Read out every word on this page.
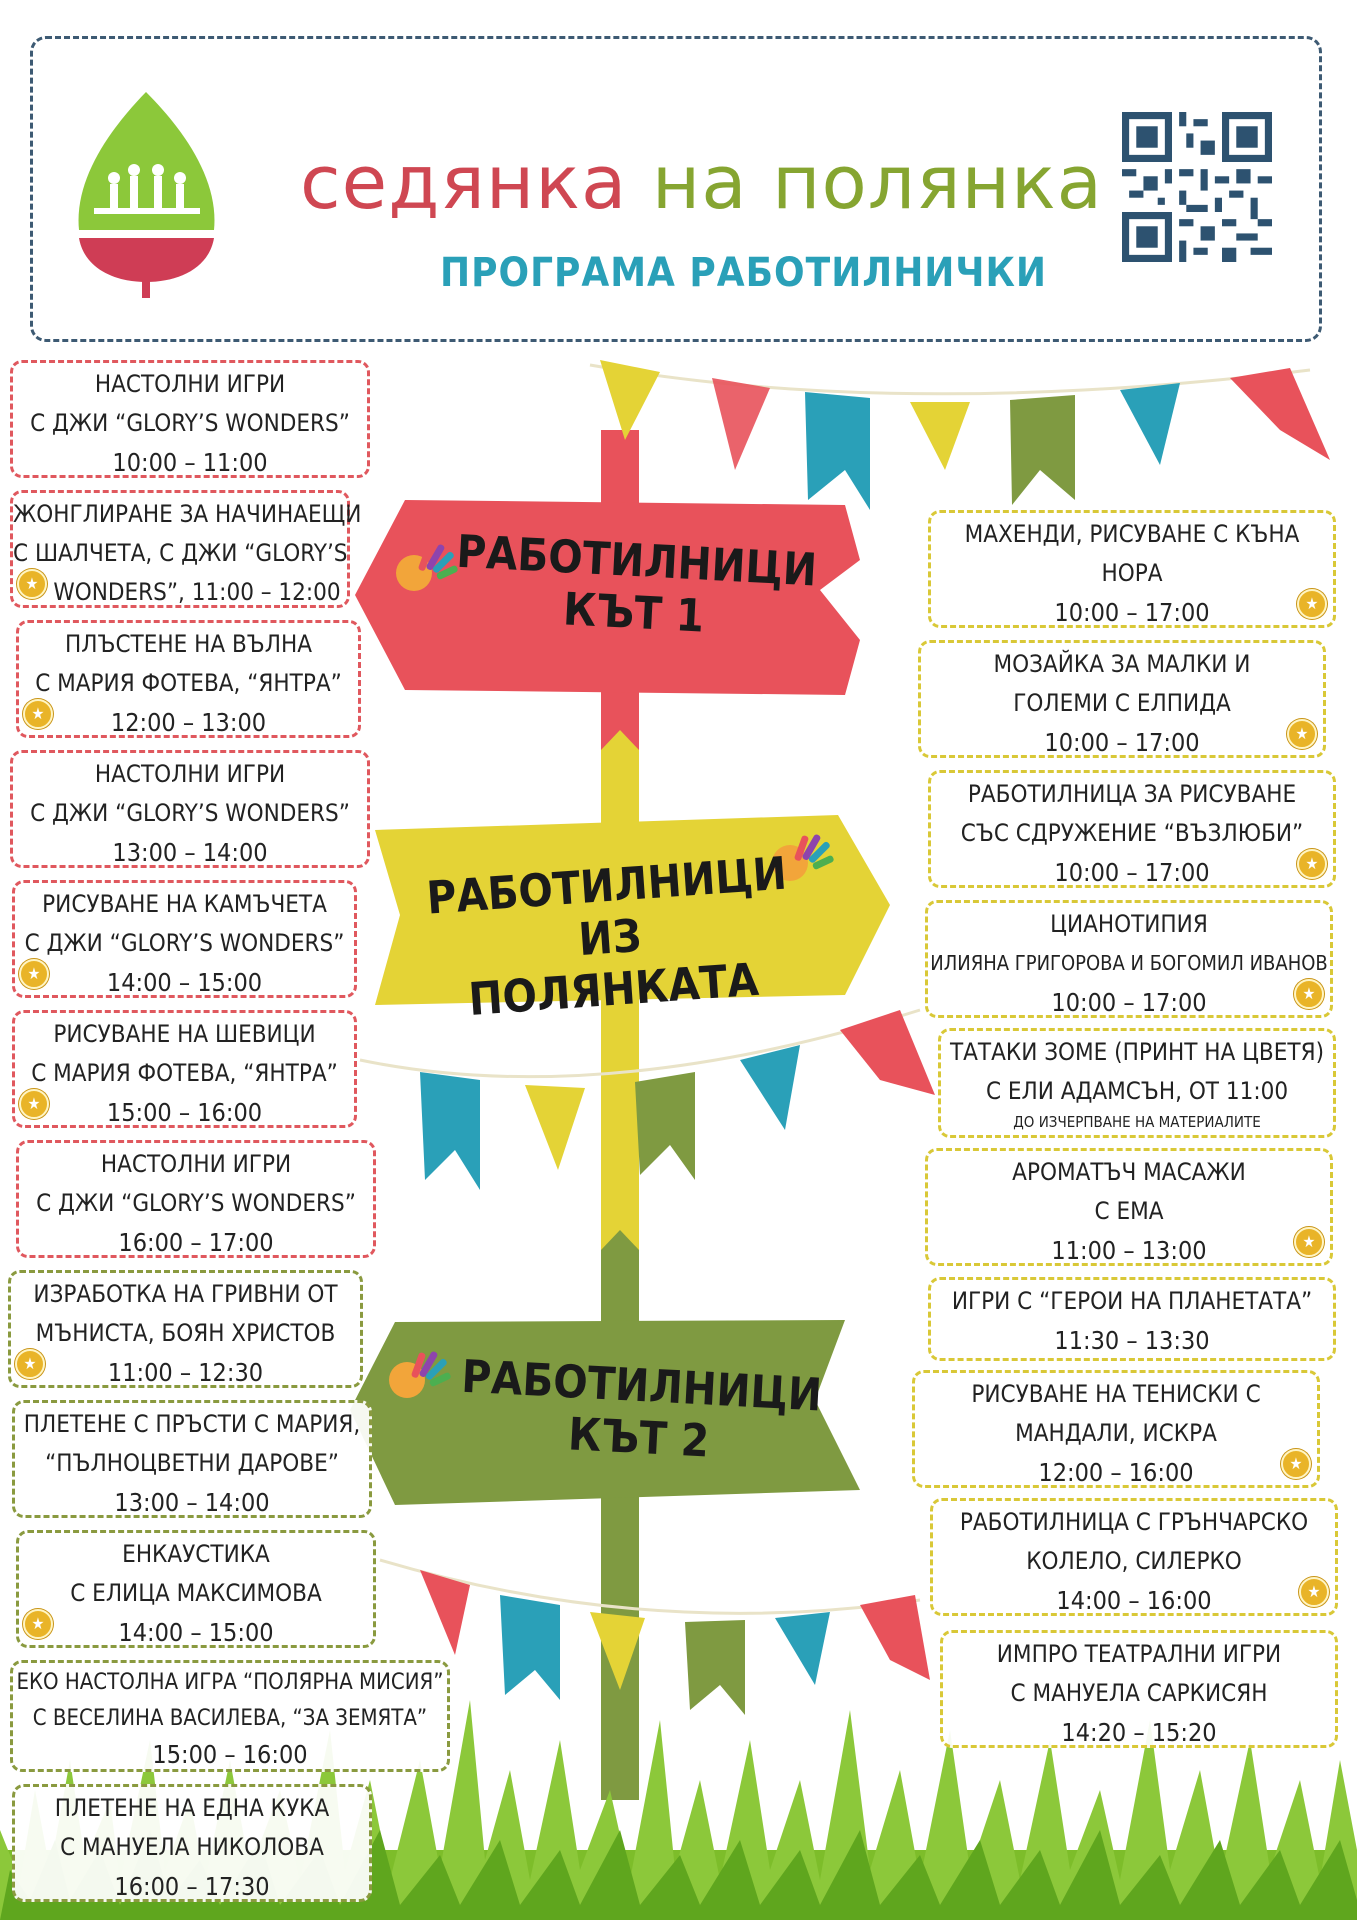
седянка на полянка
ПРОГРАМА РАБОТИЛНИЧКИ
РАБОТИЛНИЦИ
КЪТ 1
РАБОТИЛНИЦИ
ИЗ ПОЛЯНКАТА
РАБОТИЛНИЦИ
КЪТ 2
НАСТОЛНИ ИГРИ
С ДЖИ “GLORY’S WONDERS”
10:00 – 11:00
ЖОНГЛИРАНЕ ЗА НАЧИНАЕЩИ
С ШАЛЧЕТА, С ДЖИ “GLORY’S
WONDERS”, 11:00 – 12:00
★
ПЛЪСТЕНЕ НА ВЪЛНА
С МАРИЯ ФОТЕВА, “ЯНТРА”
12:00 – 13:00
★
НАСТОЛНИ ИГРИ
С ДЖИ “GLORY’S WONDERS”
13:00 – 14:00
РИСУВАНЕ НА КАМЪЧЕТА
С ДЖИ “GLORY’S WONDERS”
14:00 – 15:00
★
РИСУВАНЕ НА ШЕВИЦИ
С МАРИЯ ФОТЕВА, “ЯНТРА”
15:00 – 16:00
★
НАСТОЛНИ ИГРИ
С ДЖИ “GLORY’S WONDERS”
16:00 – 17:00
ИЗРАБОТКА НА ГРИВНИ ОТ
МЪНИСТА, БОЯН ХРИСТОВ
11:00 – 12:30
★
ПЛЕТЕНЕ С ПРЪСТИ С МАРИЯ,
“ПЪЛНОЦВЕТНИ ДАРОВЕ”
13:00 – 14:00
ЕНКАУСТИКА
С ЕЛИЦА МАКСИМОВА
14:00 – 15:00
★
ЕКО НАСТОЛНА ИГРА “ПОЛЯРНА МИСИЯ”
С ВЕСЕЛИНА ВАСИЛЕВА, “ЗА ЗЕМЯТА”
15:00 – 16:00
ПЛЕТЕНЕ НА ЕДНА КУКА
С МАНУЕЛА НИКОЛОВА
16:00 – 17:30
МАХЕНДИ, РИСУВАНЕ С КЪНА
НОРА
10:00 – 17:00	★
МОЗАЙКА ЗА МАЛКИ И
ГОЛЕМИ С ЕЛПИДА
10:00 – 17:00	★
РАБОТИЛНИЦА ЗА РИСУВАНЕ
СЪС СДРУЖЕНИЕ “ВЪЗЛЮБИ”
10:00 – 17:00	★
ЦИАНОТИПИЯ
ИЛИЯНА ГРИГОРОВА И БОГОМИЛ ИВАНОВ
10:00 – 17:00	★
ТАТАКИ ЗОМЕ (ПРИНТ НА ЦВЕТЯ)
С ЕЛИ АДАМСЪН, ОТ 11:00
ДО ИЗЧЕРПВАНЕ НА МАТЕРИАЛИТЕ
АРОМАТЪЧ МАСАЖИ
С ЕМА
11:00 – 13:00	★
ИГРИ С “ГЕРОИ НА ПЛАНЕТАТА”
11:30 – 13:30
РИСУВАНЕ НА ТЕНИСКИ С
МАНДАЛИ, ИСКРА
12:00 – 16:00	★
РАБОТИЛНИЦА С ГРЪНЧАРСКО
КОЛЕЛО, СИЛЕРКО
14:00 – 16:00	★
ИМПРО ТЕАТРАЛНИ ИГРИ
С МАНУЕЛА САРКИСЯН
14:20 – 15:20
